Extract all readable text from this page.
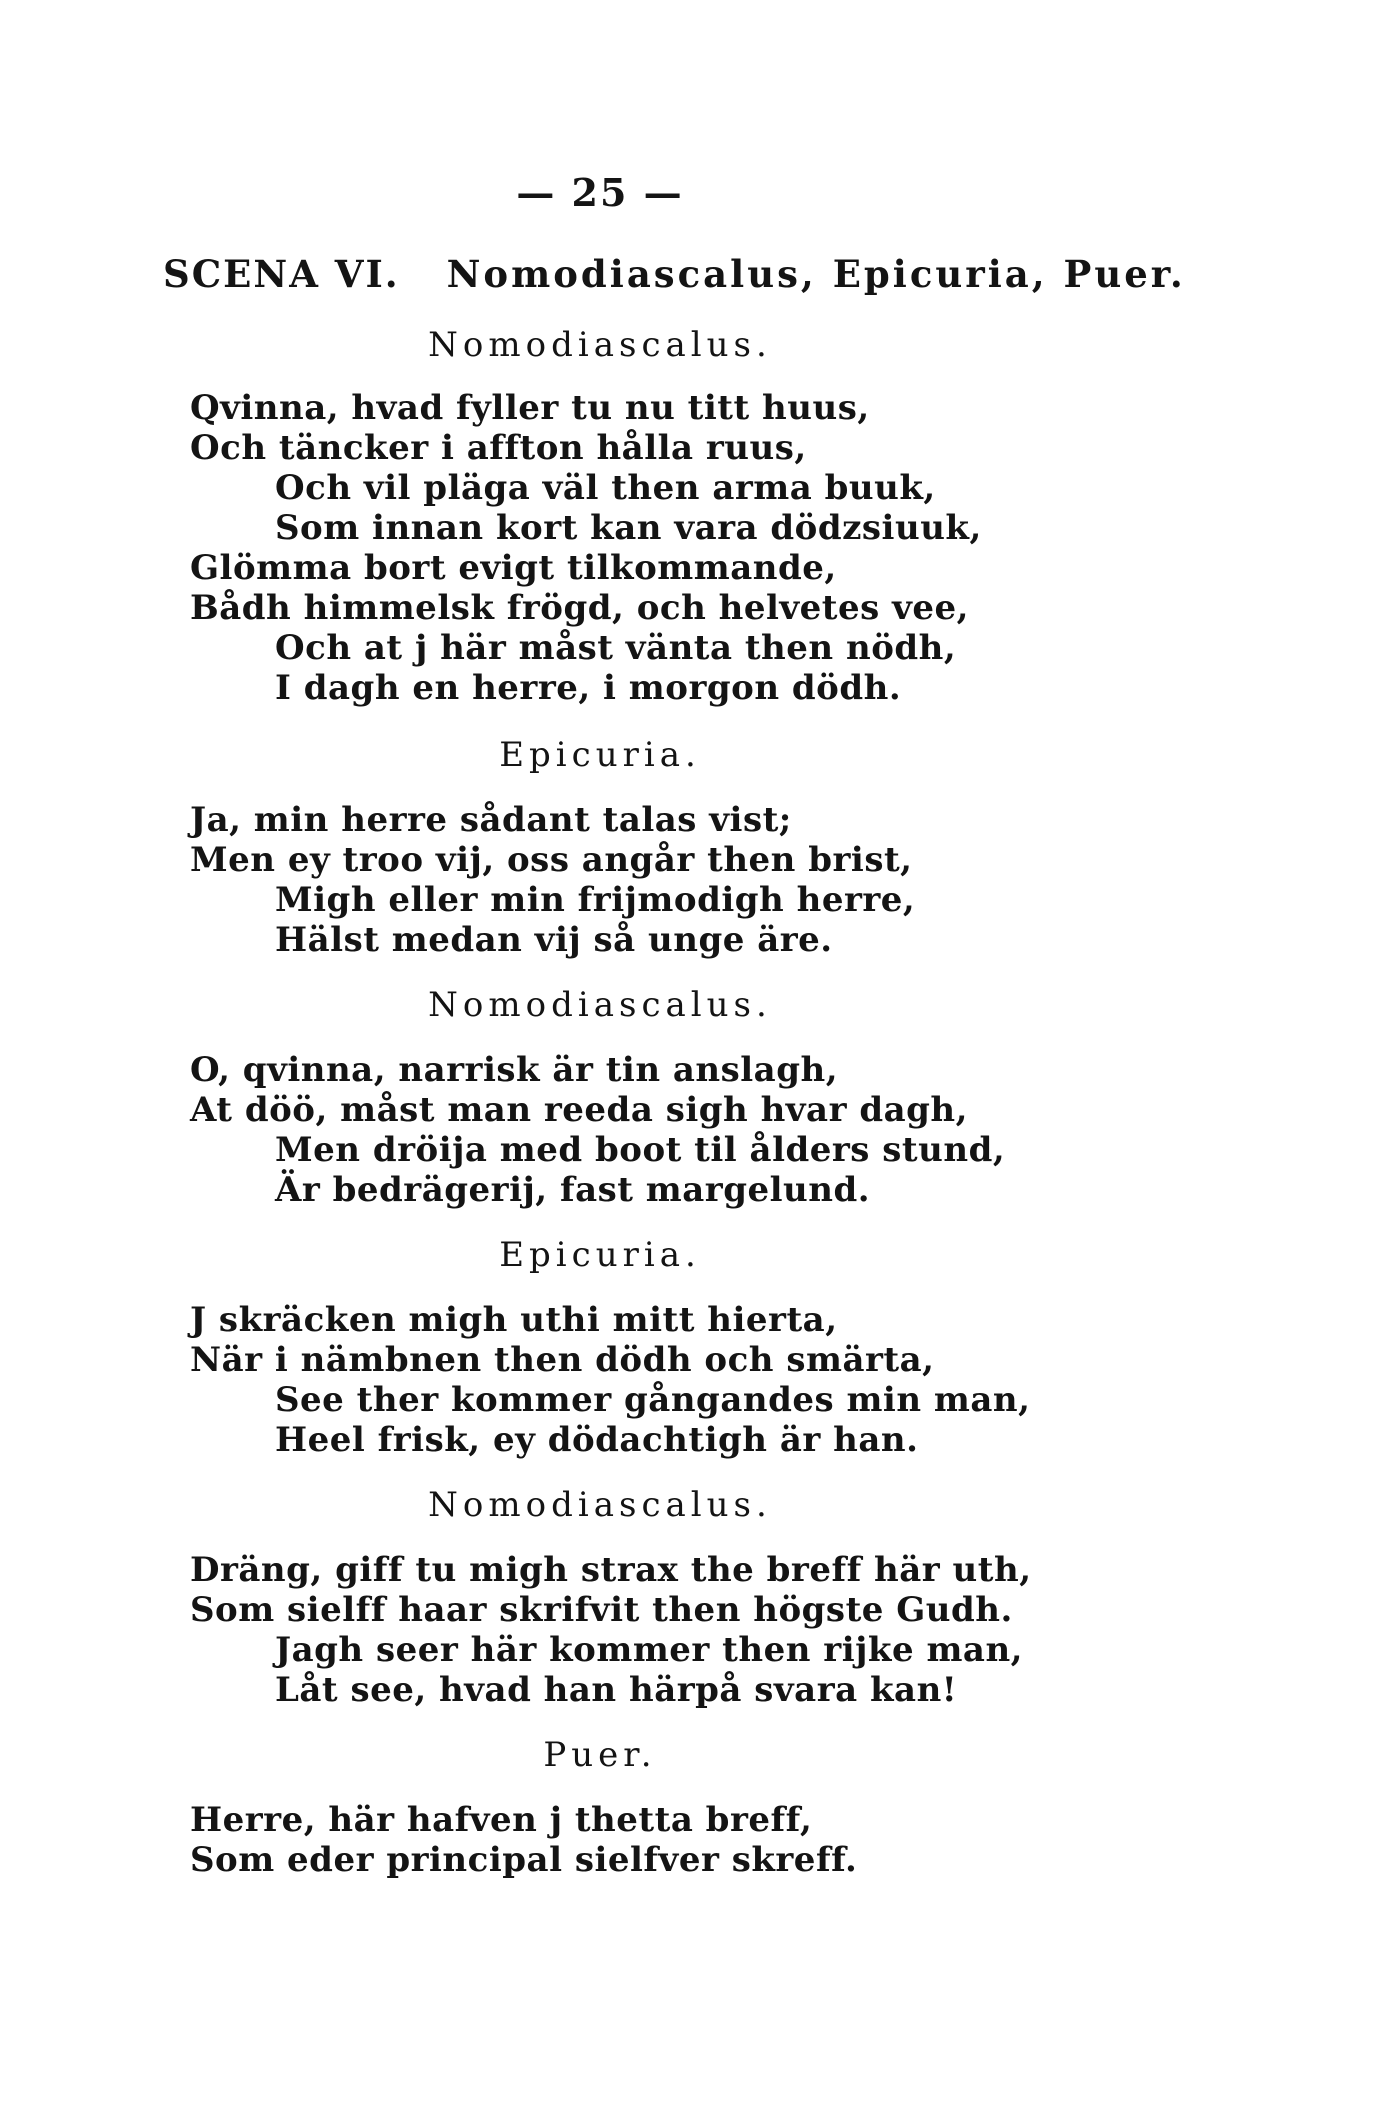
— 25 —
SCENA VI. Nomodiascalus, Epicuria, Puer.
Nomodiascalus.
Qvinna, hvad fyller tu nu titt huus,
Och täncker i affton hålla ruus,
Och vil pläga väl then arma buuk,
Som innan kort kan vara dödzsiuuk,
Glömma bort evigt tilkommande,
Bådh himmelsk frögd, och helvetes vee,
Och at j här måst vänta then nödh,
I dagh en herre, i morgon dödh.
Epicuria.
Ja, min herre sådant talas vist;
Men ey troo vij, oss angår then brist,
Migh eller min frijmodigh herre,
Hälst medan vij så unge äre.
Nomodiascalus.
O, qvinna, narrisk är tin anslagh,
At döö, måst man reeda sigh hvar dagh,
Men dröija med boot til ålders stund,
Är bedrägerij, fast margelund.
Epicuria.
J skräcken migh uthi mitt hierta,
När i nämbnen then dödh och smärta,
See ther kommer gångandes min man,
Heel frisk, ey dödachtigh är han.
Nomodiascalus.
Dräng, giff tu migh strax the breff här uth,
Som sielff haar skrifvit then högste Gudh.
Jagh seer här kommer then rijke man,
Låt see, hvad han härpå svara kan!
Puer.
Herre, här hafven j thetta breff,
Som eder principal sielfver skreff.
